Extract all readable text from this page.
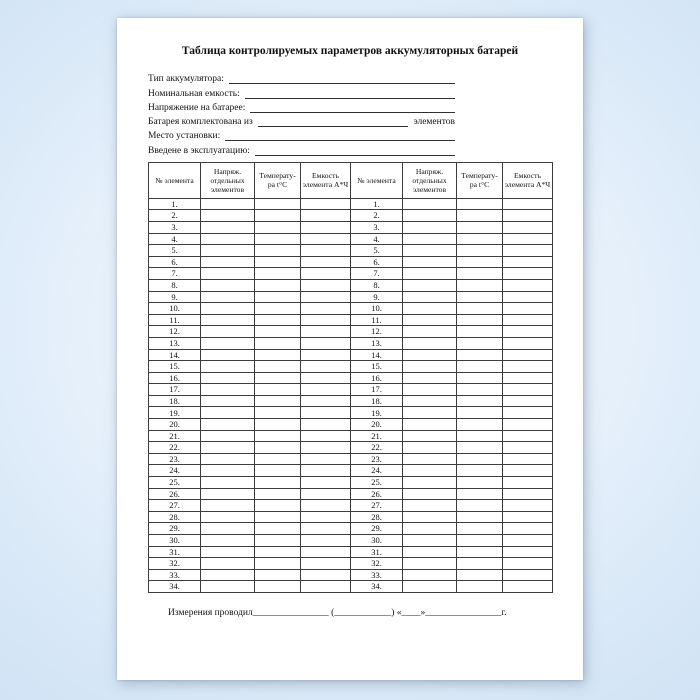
Таблица контролируемых параметров аккумуляторных батарей
Тип аккумулятора:
Номинальная емкость:
Напряжение на батарее:
Батарея комплектована из	элементов
Место установки:
Введене в эксплуатацию:
№ элемента	Напряж. отдельных элементов	Температу-ра t°С	Емкость элемента А*Ч	№ элемента	Напряж. отдельных элементов	Температу-ра t°С	Емкость элемента А*Ч
1.				1.			
2.				2.			
3.				3.			
4.				4.			
5.				5.			
6.				6.			
7.				7.			
8.				8.			
9.				9.			
10.				10.			
11.				11.			
12.				12.			
13.				13.			
14.				14.			
15.				15.			
16.				16.			
17.				17.			
18.				18.			
19.				19.			
20.				20.			
21.				21.			
22.				22.			
23.				23.			
24.				24.			
25.				25.			
26.				26.			
27.				27.			
28.				28.			
29.				29.			
30.				30.			
31.				31.			
32.				32.			
33.				33.			
34.				34.			
Измерения проводил________________ (____________) «____»________________г.
